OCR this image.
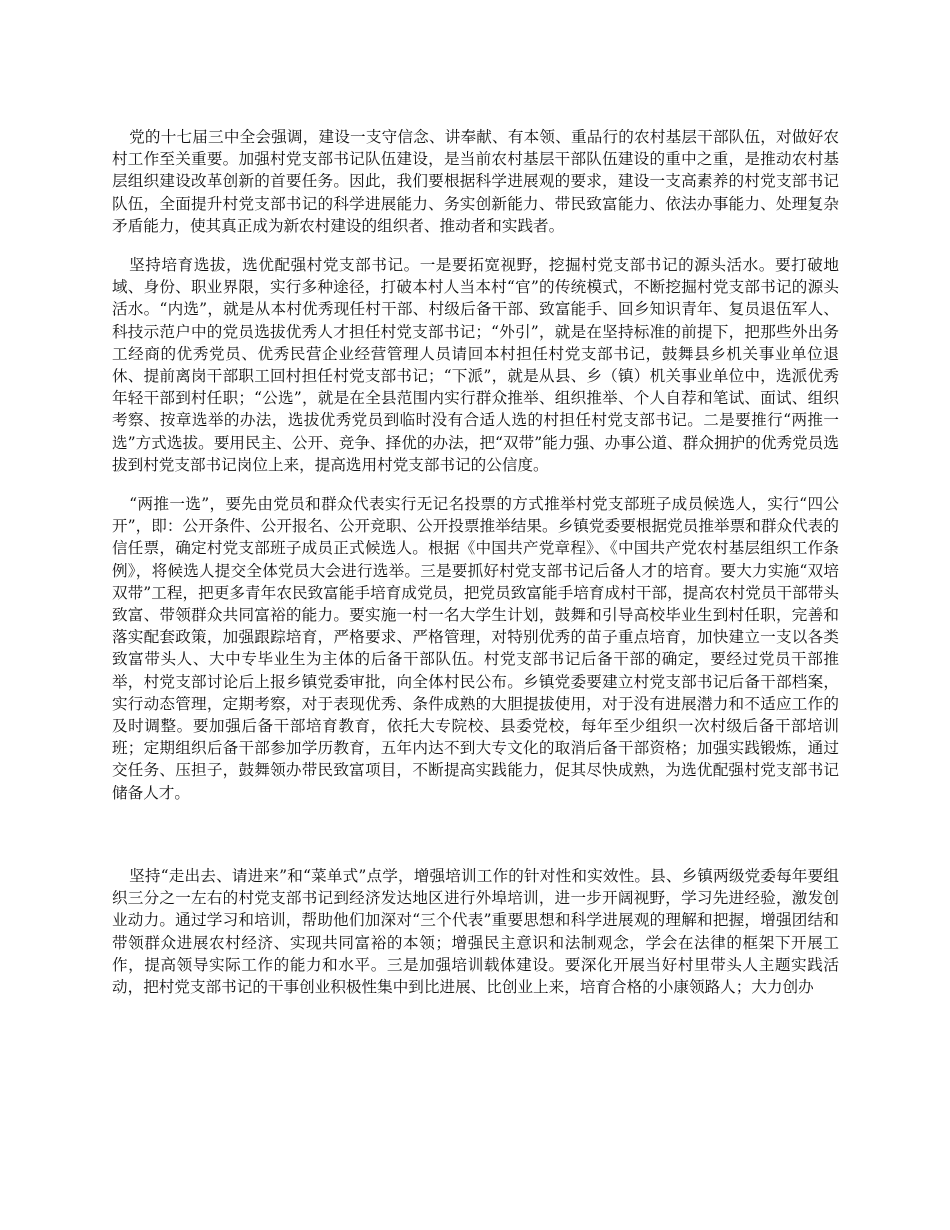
党的十七届三中全会强调，建设一支守信念、讲奉献、有本领、重品行的农村基层干部队伍，对做好农村工作至关重要。加强村党支部书记队伍建设，是当前农村基层干部队伍建设的重中之重，是推动农村基层组织建设改革创新的首要任务。因此，我们要根据科学进展观的要求，建设一支高素养的村党支部书记队伍，全面提升村党支部书记的科学进展能力、务实创新能力、带民致富能力、依法办事能力、处理复杂矛盾能力，使其真正成为新农村建设的组织者、推动者和实践者。

坚持培育选拔，选优配强村党支部书记。一是要拓宽视野，挖掘村党支部书记的源头活水。要打破地域、身份、职业界限，实行多种途径，打破本村人当本村“官”的传统模式，不断挖掘村党支部书记的源头活水。“内选”，就是从本村优秀现任村干部、村级后备干部、致富能手、回乡知识青年、复员退伍军人、科技示范户中的党员选拔优秀人才担任村党支部书记；“外引”，就是在坚持标准的前提下，把那些外出务工经商的优秀党员、优秀民营企业经营管理人员请回本村担任村党支部书记，鼓舞县乡机关事业单位退休、提前离岗干部职工回村担任村党支部书记；“下派”，就是从县、乡（镇）机关事业单位中，选派优秀年轻干部到村任职；“公选”，就是在全县范围内实行群众推举、组织推举、个人自荐和笔试、面试、组织考察、按章选举的办法，选拔优秀党员到临时没有合适人选的村担任村党支部书记。二是要推行“两推一选”方式选拔。要用民主、公开、竞争、择优的办法，把“双带”能力强、办事公道、群众拥护的优秀党员选拔到村党支部书记岗位上来，提高选用村党支部书记的公信度。

“两推一选”，要先由党员和群众代表实行无记名投票的方式推举村党支部班子成员候选人，实行“四公开”，即：公开条件、公开报名、公开竞职、公开投票推举结果。乡镇党委要根据党员推举票和群众代表的信任票，确定村党支部班子成员正式候选人。根据《中国共产党章程》、《中国共产党农村基层组织工作条例》，将候选人提交全体党员大会进行选举。三是要抓好村党支部书记后备人才的培育。要大力实施“双培双带”工程，把更多青年农民致富能手培育成党员，把党员致富能手培育成村干部，提高农村党员干部带头致富、带领群众共同富裕的能力。要实施一村一名大学生计划，鼓舞和引导高校毕业生到村任职，完善和落实配套政策，加强跟踪培育，严格要求、严格管理，对特别优秀的苗子重点培育，加快建立一支以各类致富带头人、大中专毕业生为主体的后备干部队伍。村党支部书记后备干部的确定，要经过党员干部推举，村党支部讨论后上报乡镇党委审批，向全体村民公布。乡镇党委要建立村党支部书记后备干部档案，实行动态管理，定期考察，对于表现优秀、条件成熟的大胆提拔使用，对于没有进展潜力和不适应工作的及时调整。要加强后备干部培育教育，依托大专院校、县委党校，每年至少组织一次村级后备干部培训班；定期组织后备干部参加学历教育，五年内达不到大专文化的取消后备干部资格；加强实践锻炼，通过交任务、压担子，鼓舞领办带民致富项目，不断提高实践能力，促其尽快成熟，为选优配强村党支部书记储备人才。

坚持“走出去、请进来”和“菜单式”点学，增强培训工作的针对性和实效性。县、乡镇两级党委每年要组织三分之一左右的村党支部书记到经济发达地区进行外埠培训，进一步开阔视野，学习先进经验，激发创业动力。通过学习和培训，帮助他们加深对“三个代表”重要思想和科学进展观的理解和把握，增强团结和带领群众进展农村经济、实现共同富裕的本领；增强民主意识和法制观念，学会在法律的框架下开展工作，提高领导实际工作的能力和水平。三是加强培训载体建设。要深化开展当好村里带头人主题实践活动，把村党支部书记的干事创业积极性集中到比进展、比创业上来，培育合格的小康领路人；大力创办
